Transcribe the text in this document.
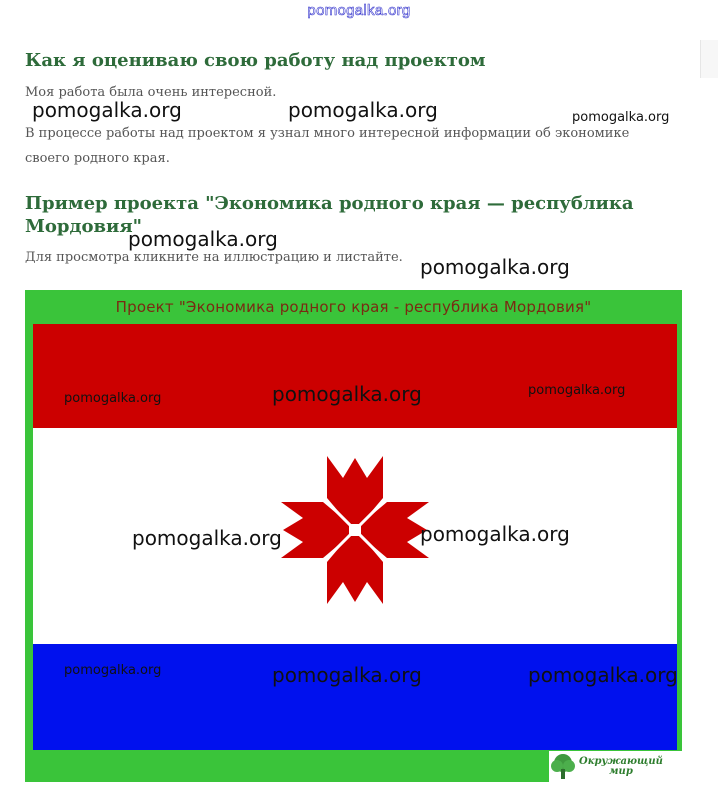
pomogalka.org
Как я оцениваю свою работу над проектом

Моя работа была очень интересной.

В процессе работы над проектом я узнал много интересной информации об экономике

своего родного края.

Пример проекта "Экономика родного края — республика
Мордовия"

Для просмотра кликните на иллюстрацию и листайте.

Проект "Экономика родного края - республика Мордовия"
Окружающий
мир
pomogalka.org	pomogalka.org	pomogalka.org
pomogalka.org
pomogalka.org
pomogalka.org	pomogalka.org	pomogalka.org
pomogalka.org	pomogalka.org
pomogalka.org	pomogalka.org	pomogalka.org
